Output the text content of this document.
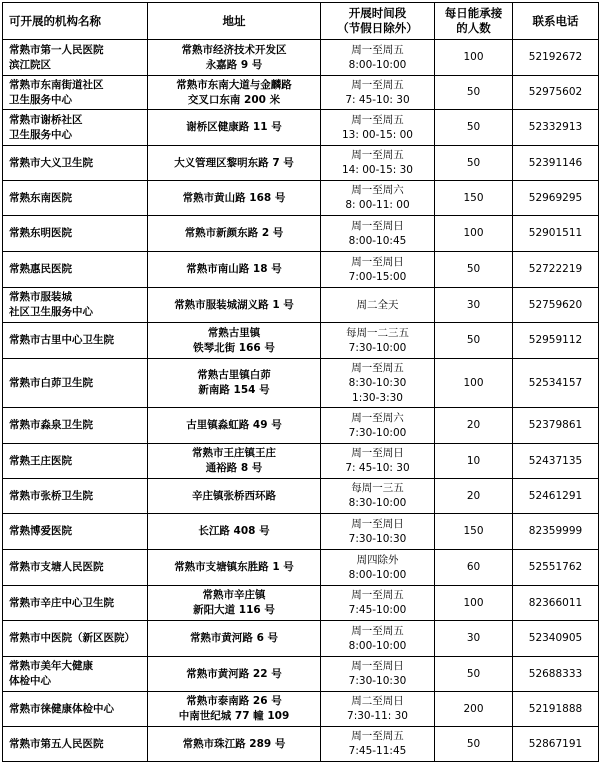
可开展的机构名称	地址	开展时间段
（节假日除外）	每日能承接
的人数	联系电话
常熟市第一人民医院
滨江院区	常熟市经济技术开发区
永嘉路 9 号	周一至周五
8:00-10:00	100	52192672
常熟市东南街道社区
卫生服务中心	常熟市东南大道与金麟路
交叉口东南 200 米	周一至周五
7: 45-10: 30	50	52975602
常熟市谢桥社区
卫生服务中心	谢桥区健康路 11 号	周一至周五
13: 00-15: 00	50	52332913
常熟市大义卫生院	大义管理区黎明东路 7 号	周一至周五
14: 00-15: 30	50	52391146
常熟东南医院	常熟市黄山路 168 号	周一至周六
8: 00-11: 00	150	52969295
常熟东明医院	常熟市新颜东路 2 号	周一至周日
8:00-10:45	100	52901511
常熟惠民医院	常熟市南山路 18 号	周一至周日
7:00-15:00	50	52722219
常熟市服装城
社区卫生服务中心	常熟市服装城湖义路 1 号	周二全天	30	52759620
常熟市古里中心卫生院	常熟古里镇
铁琴北街 166 号	每周一二三五
7:30-10:00	50	52959112
常熟市白茆卫生院	常熟古里镇白茆
新南路 154 号	周一至周五
8:30-10:30
1:30-3:30	100	52534157
常熟市淼泉卫生院	古里镇淼虹路 49 号	周一至周六
7:30-10:00	20	52379861
常熟王庄医院	常熟市王庄镇王庄
通裕路 8 号	周一至周日
7: 45-10: 30	10	52437135
常熟市张桥卫生院	辛庄镇张桥西环路	每周一三五
8:30-10:00	20	52461291
常熟博爱医院	长江路 408 号	周一至周日
7:30-10:30	150	82359999
常熟市支塘人民医院	常熟市支塘镇东胜路 1 号	周四除外
8:00-10:00	60	52551762
常熟市辛庄中心卫生院	常熟市辛庄镇
新阳大道 116 号	周一至周五
7:45-10:00	100	82366011
常熟市中医院（新区医院）	常熟市黄河路 6 号	周一至周五
8:00-10:00	30	52340905
常熟市美年大健康
体检中心	常熟市黄河路 22 号	周一至周日
7:30-10:30	50	52688333
常熟市徕健康体检中心	常熟市泰南路 26 号
中南世纪城 77 幢 109	周二至周日
7:30-11: 30	200	52191888
常熟市第五人民医院	常熟市珠江路 289 号	周一至周五
7:45-11:45	50	52867191
